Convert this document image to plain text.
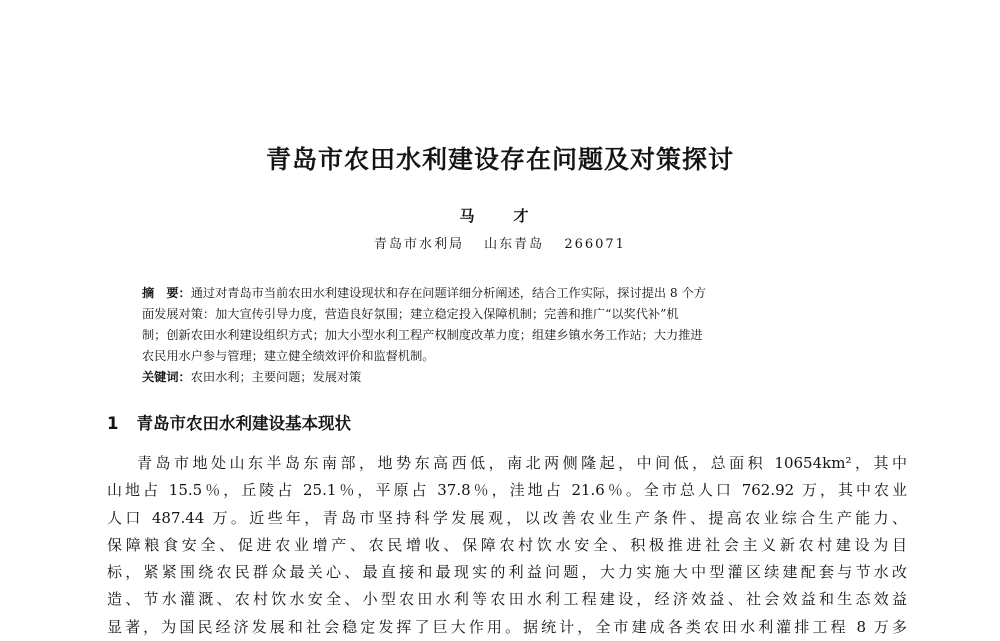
青岛市农田水利建设存在问题及对策探讨
马　才
青岛市水利局 山东青岛 266071

摘　要：通过对青岛市当前农田水利建设现状和存在问题详细分析阐述，结合工作实际，探讨提出 8 个方

面发展对策：加大宣传引导力度，营造良好氛围；建立稳定投入保障机制；完善和推广“以奖代补”机

制；创新农田水利建设组织方式；加大小型水利工程产权制度改革力度；组建乡镇水务工作站；大力推进

农民用水户参与管理；建立健全绩效评价和监督机制。

关键词：农田水利；主要问题；发展对策

1 青岛市农田水利建设基本现状
青岛市地处山东半岛东南部，地势东高西低，南北两侧隆起，中间低，总面积 10654km²，其中
山地占 15.5％，丘陵占 25.1％，平原占 37.8％，洼地占 21.6％。全市总人口 762.92 万，其中农业
人口 487.44 万。近些年，青岛市坚持科学发展观，以改善农业生产条件、提高农业综合生产能力、
保障粮食安全、促进农业增产、农民增收、保障农村饮水安全、积极推进社会主义新农村建设为目
标，紧紧围绕农民群众最关心、最直接和最现实的利益问题，大力实施大中型灌区续建配套与节水改
造、节水灌溉、农村饮水安全、小型农田水利等农田水利工程建设，经济效益、社会效益和生态效益
显著，为国民经济发展和社会稳定发挥了巨大作用。据统计，全市建成各类农田水利灌排工程 8 万多
